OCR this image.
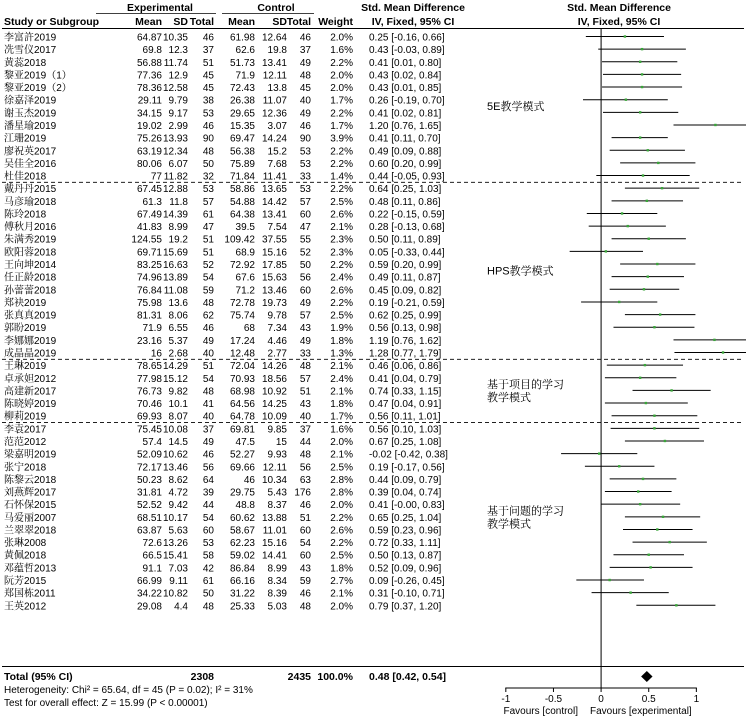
Experimental	Control	Std. Mean Difference	Std. Mean Difference
Study or Subgroup	Mean SD Total Mean SD Total Weight IV, Fixed, 95% CI	IV, Fixed, 95% CI
李富許2019	64.87 10.35 46 61.98 12.64 46 2.0% 0.25 [-0.16, 0.66]
冼雪仪2017	69.8 12.3 37 62.6 19.8 37 1.6% 0.43 [-0.03, 0.89]
黄蕊2018	56.88 11.74 51 51.73 13.41 49 2.2% 0.41 [0.01, 0.80]
黎亚2019（1）	77.36 12.9 45 71.9 12.11 48 2.0% 0.43 [0.02, 0.84]
黎亚2019（2）	78.36 12.58 45 72.43 13.8 45 2.0% 0.43 [0.01, 0.85]
徐嘉泽2019	29.11 9.79 38 26.38 11.07 40 1.7% 0.26 [-0.19, 0.70]
谢玉杰2019	34.15 9.17 53 29.65 12.36 49 2.2% 0.41 [0.02, 0.81]
潘星瑜2019	19.02 2.99 46 15.35 3.07 46 1.7% 1.20 [0.76, 1.65]
江珊2019	75.26 13.93 90 69.47 14.24 90 3.9% 0.41 [0.11, 0.70]
廖祝英2017	63.19 12.34 48 56.38 15.2 53 2.2% 0.49 [0.09, 0.88]
吴佳全2016	80.06 6.07 50 75.89 7.68 53 2.2% 0.60 [0.20, 0.99]
杜佳2018	77 11.82 32 71.84 11.41 33 1.4% 0.44 [-0.05, 0.93]
戴丹丹2015	67.45 12.88 53 58.86 13.65 53 2.2% 0.64 [0.25, 1.03]
马彦瑜2018	61.3 11.8 57 54.88 14.42 57 2.5% 0.48 [0.11, 0.86]
陈玲2018	67.49 14.39 61 64.38 13.41 60 2.6% 0.22 [-0.15, 0.59]
傅秋月2016	41.83 8.99 47 39.5 7.54 47 2.1% 0.28 [-0.13, 0.68]
朱满秀2019	124.55 19.2 51 109.42 37.55 55 2.3% 0.50 [0.11, 0.89]
欧阳蓉2018	69.71 15.69 51 68.9 15.16 52 2.3% 0.05 [-0.33, 0.44]
王向坤2014	83.25 16.63 52 72.92 17.85 50 2.2% 0.59 [0.20, 0.99]
任正龄2018	74.96 13.89 54 67.6 15.63 56 2.4% 0.49 [0.11, 0.87]
孙蕾蕾2018	76.84 11.08 59 71.2 13.46 60 2.6% 0.45 [0.09, 0.82]
郑袂2019	75.98 13.6 48 72.78 19.73 49 2.2% 0.19 [-0.21, 0.59]
张真真2019	81.31 8.06 62 75.74 9.78 57 2.5% 0.62 [0.25, 0.99]
郭盼2019	71.9 6.55 46	68 7.34 43 1.9% 0.56 [0.13, 0.98]
李娜娜2019	23.16 5.37 49 17.24 4.46 49 1.8% 1.19 [0.76, 1.62]
成晶晶2019	16 2.68 40 12.48 2.77 33 1.3% 1.28 [0.77, 1.79]
王琳2019	78.65 14.29 51 72.04 14.26 48 2.1% 0.46 [0.06, 0.86]
卓承妲2012	77.98 15.12 54 70.93 18.56 57 2.4% 0.41 [0.04, 0.79]
高建新2017	76.73 9.82 48 68.98 10.92 51 2.1% 0.74 [0.33, 1.15]
陈晓婷2019	70.46 10.1 41 64.56 14.25 43 1.8% 0.47 [0.04, 0.91]
柳莉2019	69.93 8.07 40 64.78 10.09 40 1.7% 0.56 [0.11, 1.01]
李袁2017	75.45 10.08 37 69.81 9.85 37 1.6% 0.56 [0.10, 1.03]
范范2012	57.4 14.5 49 47.5 15 44 2.0% 0.67 [0.25, 1.08]
梁嘉明2019	52.09 10.62 46 52.27 9.93 48 2.1% -0.02 [-0.42, 0.38]
张宁2018	72.17 13.46 56 69.66 12.11 56 2.5% 0.19 [-0.17, 0.56]
陈黎云2018	50.23 8.62 64	46 10.34 63 2.8% 0.44 [0.09, 0.79]
刘燕辉2017	31.81 4.72 39 29.75 5.43 176 2.8% 0.39 [0.04, 0.74]
石怀保2015	52.52 9.42 44 48.8 8.37 46 2.0% 0.41 [-0.00, 0.83]
马爱丽2007	68.51 10.17 54 60.62 13.88 51 2.2% 0.65 [0.25, 1.04]
兰翠翠2018	63.87 5.63 60 58.67 11.01 60 2.6% 0.59 [0.23, 0.96]
张琳2008	72.6 13.26 53 62.23 15.16 54 2.2% 0.72 [0.33, 1.11]
黄佩2018	66.5 15.41 58 59.02 14.41 60 2.5% 0.50 [0.13, 0.87]
邓蕴哲2013	91.1 7.03 42 86.84 8.99 43 1.8% 0.52 [0.09, 0.96]
阮芳2015	66.99 9.11 61 66.16 8.34 59 2.7% 0.09 [-0.26, 0.45]
郑国栋2011	34.22 10.82 50 31.22 8.39 46 2.1% 0.31 [-0.10, 0.71]
王英2012	29.08 4.4 48 25.33 5.03 48 2.0% 0.79 [0.37, 1.20]
5E教学模式
HPS教学模式
基于项目的学习
教学模式
基于问题的学习
教学模式
Total (95% CI)	2308	2435 100.0% 0.48 [0.42, 0.54]
Heterogeneity: Chi² = 65.64, df = 45 (P = 0.02); I² = 31%
Test for overall effect: Z = 15.99 (P < 0.00001)	-1	-0.5	0	0.5	1
Favours [control] Favours [experimental]
